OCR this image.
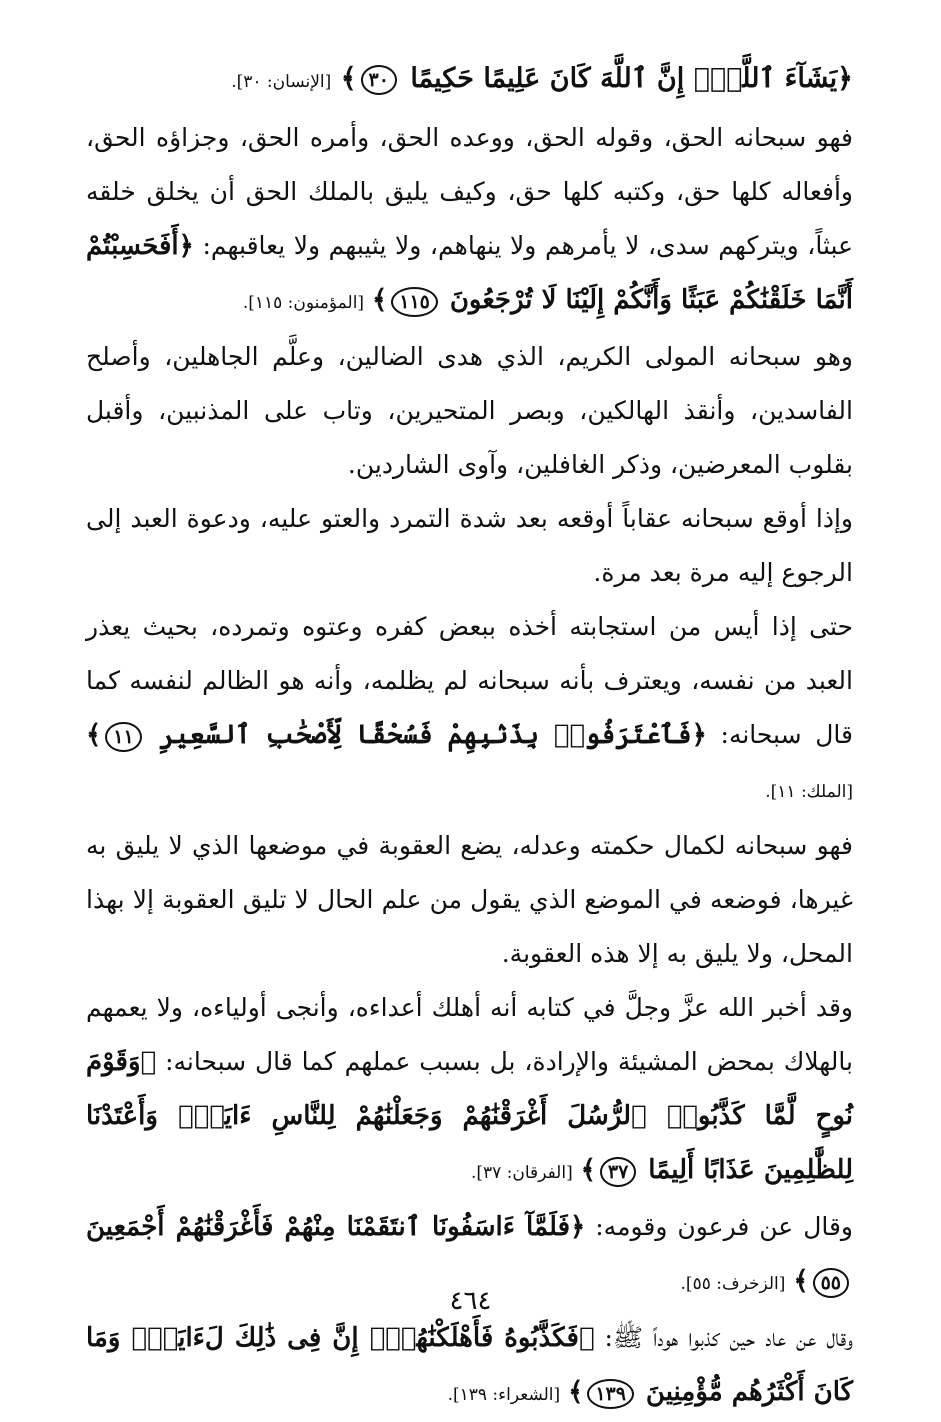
﴿يَشَآءَ ٱللَّهُۚ إِنَّ ٱللَّهَ كَانَ عَلِيمًا حَكِيمًا ٣٠﴾ [الإنسان: ٣٠].

فهو سبحانه الحق، وقوله الحق، ووعده الحق، وأمره الحق، وجزاؤه الحق، وأفعاله كلها حق، وكتبه كلها حق، وكيف يليق بالملك الحق أن يخلق خلقه عبثاً، ويتركهم سدى، لا يأمرهم ولا ينهاهم، ولا يثيبهم ولا يعاقبهم: ﴿أَفَحَسِبْتُمْ أَنَّمَا خَلَقْنَٰكُمْ عَبَثًا وَأَنَّكُمْ إِلَيْنَا لَا تُرْجَعُونَ ١١٥﴾ [المؤمنون: ١١٥].

وهو سبحانه المولى الكريم، الذي هدى الضالين، وعلَّم الجاهلين، وأصلح الفاسدين، وأنقذ الهالكين، وبصر المتحيرين، وتاب على المذنبين، وأقبل بقلوب المعرضين، وذكر الغافلين، وآوى الشاردين.

وإذا أوقع سبحانه عقاباً أوقعه بعد شدة التمرد والعتو عليه، ودعوة العبد إلى الرجوع إليه مرة بعد مرة.

حتى إذا أيس من استجابته أخذه ببعض كفره وعتوه وتمرده، بحيث يعذر العبد من نفسه، ويعترف بأنه سبحانه لم يظلمه، وأنه هو الظالم لنفسه كما قال سبحانه: ﴿فَٱعْتَرَفُوا۟ بِذَنۢبِهِمْ فَسُحْقًا لِّأَصْحَٰبِ ٱلسَّعِيرِ ١١﴾ [الملك: ١١].

فهو سبحانه لكمال حكمته وعدله، يضع العقوبة في موضعها الذي لا يليق به غيرها، فوضعه في الموضع الذي يقول من علم الحال لا تليق العقوبة إلا بهذا المحل، ولا يليق به إلا هذه العقوبة.

وقد أخبر الله عزَّ وجلَّ في كتابه أنه أهلك أعداءه، وأنجى أولياءه، ولا يعمهم بالهلاك بمحض المشيئة والإرادة، بل بسبب عملهم كما قال سبحانه: ﴿وَقَوْمَ نُوحٍ لَّمَّا كَذَّبُوا۟ ٱلرُّسُلَ أَغْرَقْنَٰهُمْ وَجَعَلْنَٰهُمْ لِلنَّاسِ ءَايَةًۖ وَأَعْتَدْنَا لِلظَّٰلِمِينَ عَذَابًا أَلِيمًا ٣٧﴾ [الفرقان: ٣٧].

وقال عن فرعون وقومه: ﴿فَلَمَّآ ءَاسَفُونَا ٱنتَقَمْنَا مِنْهُمْ فَأَغْرَقْنَٰهُمْ أَجْمَعِينَ ٥٥﴾ [الزخرف: ٥٥].

وقال عن عاد حين كذبوا هوداً ﷺ: ﴿فَكَذَّبُوهُ فَأَهْلَكْنَٰهُمْۗ إِنَّ فِى ذَٰلِكَ لَءَايَةًۖ وَمَا كَانَ أَكْثَرُهُم مُّؤْمِنِينَ ١٣٩﴾ [الشعراء: ١٣٩].

٤٦٤
